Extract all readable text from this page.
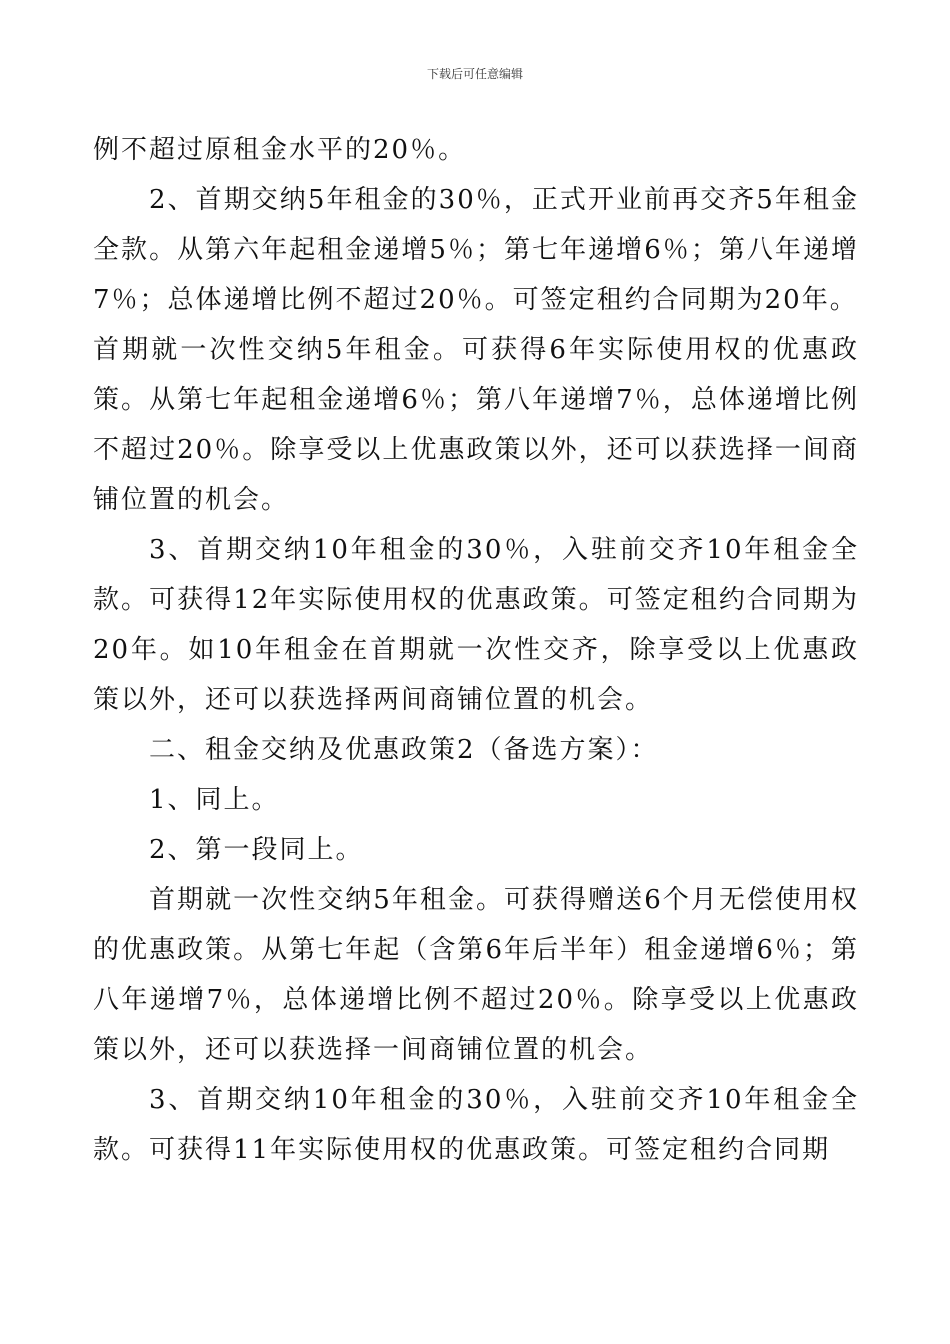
下载后可任意编辑

例不超过原租金水平的20％。

2、首期交纳5年租金的30％，正式开业前再交齐5年租金全款。从第六年起租金递增5％；第七年递增6％；第八年递增7％；总体递增比例不超过20％。可签定租约合同期为20年。

首期就一次性交纳5年租金。可获得6年实际使用权的优惠政策。从第七年起租金递增6％；第八年递增7％，总体递增比例不超过20％。除享受以上优惠政策以外，还可以获选择一间商铺位置的机会。

3、首期交纳10年租金的30％，入驻前交齐10年租金全款。可获得12年实际使用权的优惠政策。可签定租约合同期为20年。如10年租金在首期就一次性交齐，除享受以上优惠政策以外，还可以获选择两间商铺位置的机会。

二、租金交纳及优惠政策2（备选方案）：

1、同上。

2、第一段同上。

首期就一次性交纳5年租金。可获得赠送6个月无偿使用权的优惠政策。从第七年起（含第6年后半年）租金递增6％；第八年递增7％，总体递增比例不超过20％。除享受以上优惠政策以外，还可以获选择一间商铺位置的机会。

3、首期交纳10年租金的30％，入驻前交齐10年租金全款。可获得11年实际使用权的优惠政策。可签定租约合同期
